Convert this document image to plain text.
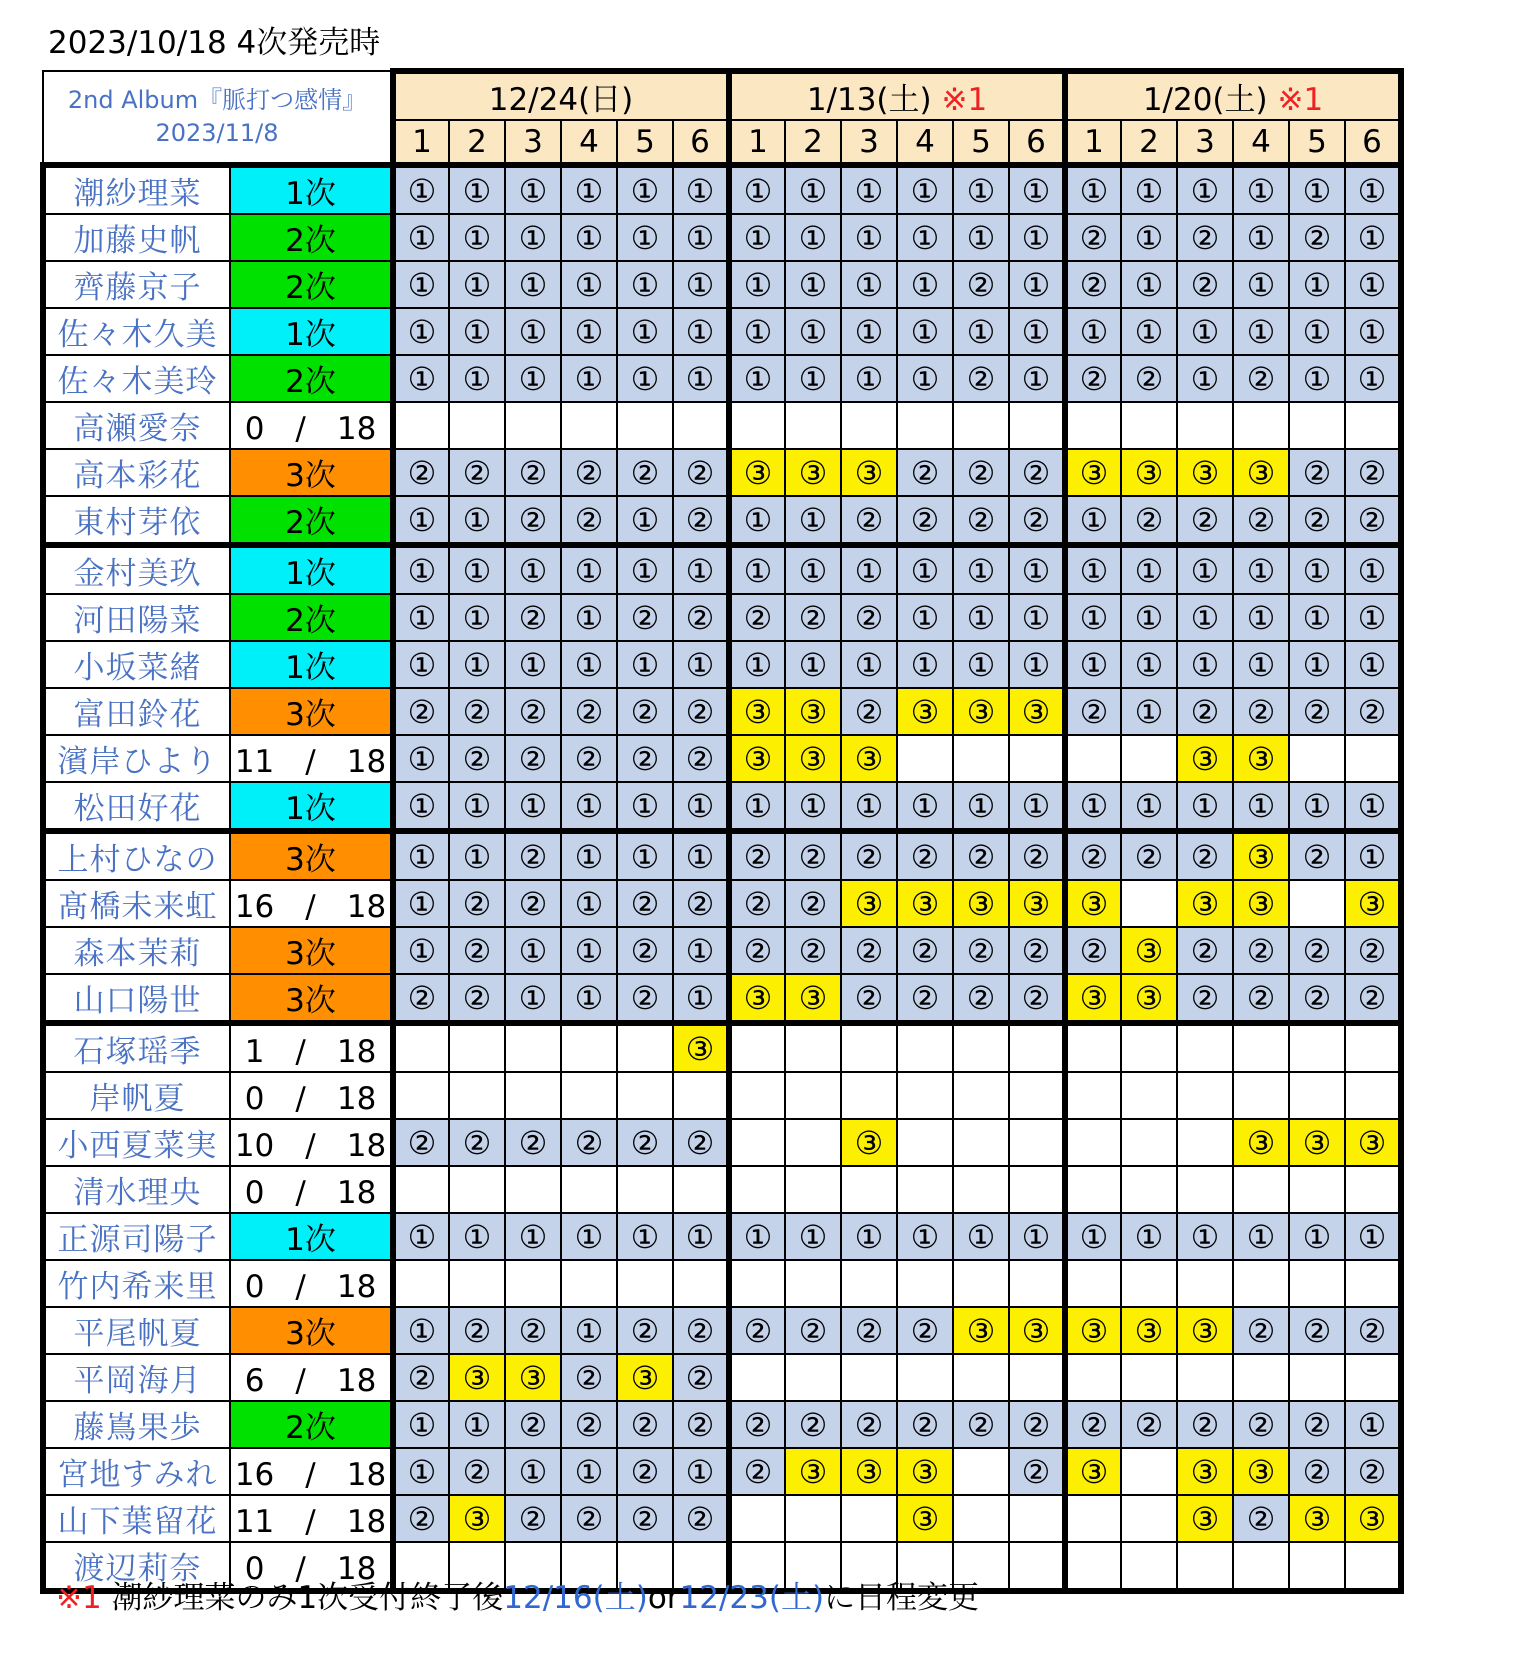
2023/10/18 4次発売時
2nd Album『脈打つ感情』
2023/11/8		12/24(日)						1/13(土) ※1						1/20(土) ※1					
		1	2	3	4	5	6	1	2	3	4	5	6	1	2	3	4	5	6
潮紗理菜	1次	①	①	①	①	①	①	①	①	①	①	①	①	①	①	①	①	①	①
加藤史帆	2次	①	①	①	①	①	①	①	①	①	①	①	①	②	①	②	①	②	①
齊藤京子	2次	①	①	①	①	①	①	①	①	①	①	②	①	②	①	②	①	①	①
佐々木久美	1次	①	①	①	①	①	①	①	①	①	①	①	①	①	①	①	①	①	①
佐々木美玲	2次	①	①	①	①	①	①	①	①	①	①	②	①	②	②	①	②	①	①
高瀬愛奈	0　/　18																		
高本彩花	3次	②	②	②	②	②	②	③	③	③	②	②	②	③	③	③	③	②	②
東村芽依	2次	①	①	②	②	①	②	①	①	②	②	②	②	①	②	②	②	②	②
金村美玖	1次	①	①	①	①	①	①	①	①	①	①	①	①	①	①	①	①	①	①
河田陽菜	2次	①	①	②	①	②	②	②	②	②	①	①	①	①	①	①	①	①	①
小坂菜緒	1次	①	①	①	①	①	①	①	①	①	①	①	①	①	①	①	①	①	①
富田鈴花	3次	②	②	②	②	②	②	③	③	②	③	③	③	②	①	②	②	②	②
濱岸ひより	11　/　18	①	②	②	②	②	②	③	③	③						③	③		
松田好花	1次	①	①	①	①	①	①	①	①	①	①	①	①	①	①	①	①	①	①
上村ひなの	3次	①	①	②	①	①	①	②	②	②	②	②	②	②	②	②	③	②	①
髙橋未来虹	16　/　18	①	②	②	①	②	②	②	②	③	③	③	③	③		③	③		③
森本茉莉	3次	①	②	①	①	②	①	②	②	②	②	②	②	②	③	②	②	②	②
山口陽世	3次	②	②	①	①	②	①	③	③	②	②	②	②	③	③	②	②	②	②
石塚瑶季	1　/　18						③												
岸帆夏	0　/　18																		
小西夏菜実	10　/　18	②	②	②	②	②	②			③							③	③	③
清水理央	0　/　18																		
正源司陽子	1次	①	①	①	①	①	①	①	①	①	①	①	①	①	①	①	①	①	①
竹内希来里	0　/　18																		
平尾帆夏	3次	①	②	②	①	②	②	②	②	②	②	③	③	③	③	③	②	②	②
平岡海月	6　/　18	②	③	③	②	③	②												
藤嶌果歩	2次	①	①	②	②	②	②	②	②	②	②	②	②	②	②	②	②	②	①
宮地すみれ	16　/　18	①	②	①	①	②	①	②	③	③	③		②	③		③	③	②	②
山下葉留花	11　/　18	②	③	②	②	②	②				③					③	②	③	③
渡辺莉奈	0　/　18																		
※1 潮紗理菜のみ1次受付終了後12/16(土)or12/23(土)に日程変更
